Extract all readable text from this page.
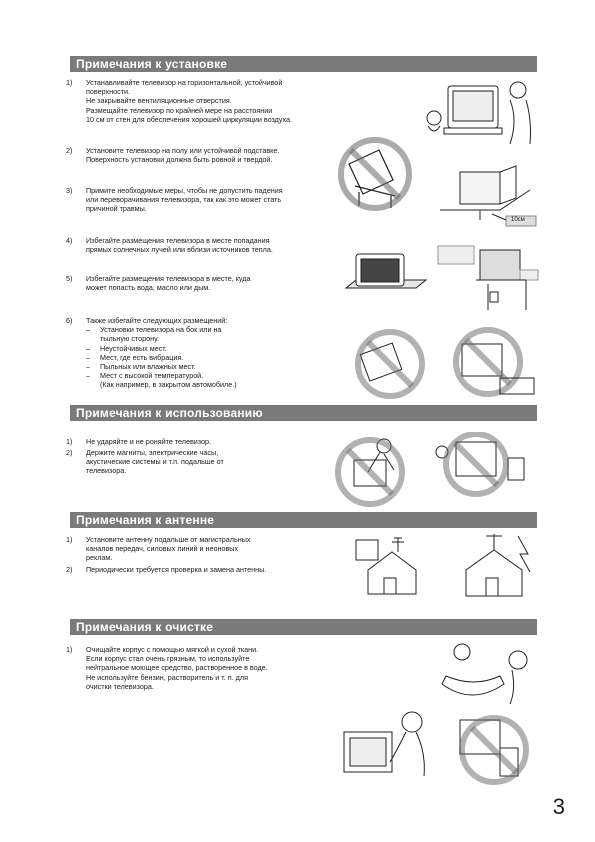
Примечания к установке
1) Устанавливайте телевизор на горизонтальной, устойчивой
поверхности.
Не закрывайте вентиляционные отверстия.
Размещайте телевизор по крайней мере на расстоянии
10 см от стен для обеспечения хорошей циркуляции воздуха.
2) Установите телевизор на полу или устойчивой подставке.
Поверхность установки должна быть ровной и твердой.
3) Примите необходимые меры, чтобы не допустить падения
или переворачивания телевизора, так как это может стать
причиной травмы.
4) Избегайте размещения телевизора в месте попадания
прямых солнечных лучей или вблизи источников тепла.
5) Избегайте размещения телевизора в месте, куда
может попасть вода, масло или дым.
6) Также избегайте следующих размещений:
– Установки телевизора на бок или на
тыльную сторону.
– Неустойчивых мест.
– Мест, где есть вибрация.
– Пыльных или влажных мест.
– Мест с высокой температурой.
(Как например, в закрытом автомобиле.)
Примечания к использованию
1) Не ударяйте и не роняйте телевизор.
2) Держите магниты, электрические часы,
акустические системы и т.п. подальше от
телевизора.
Примечания к антенне
1) Установите антенну подальше от магистральных
каналов передач, силовых линий и неоновых
реклам.
2) Периодически требуется проверка и замена антенны.
Примечания к очистке
1) Очищайте корпус с помощью мягкой и сухой ткани.
Если корпус стал очень грязным, то используйте
нейтральное моющее средство, растворенное в воде.
Не используйте бензин, растворитель и т. п. для
очистки телевизора.
10см
3
